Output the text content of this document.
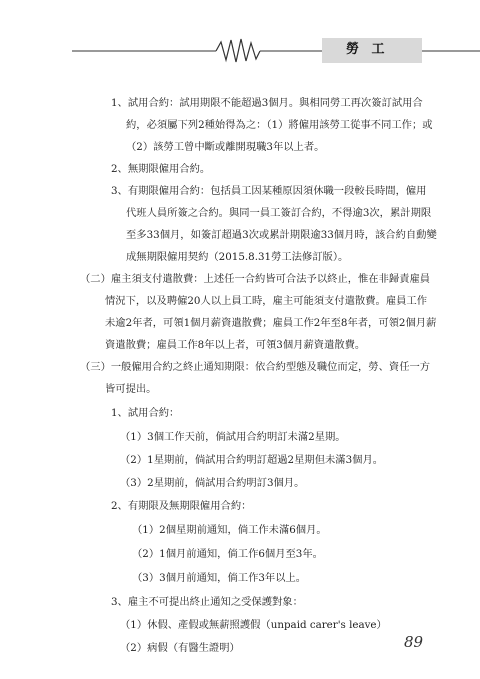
勞 工
1、試用合約：試用期限不能超過3個月。與相同勞工再次簽訂試用合
約，必須屬下列2種始得為之：（1）將僱用該勞工從事不同工作；或
（2）該勞工曾中斷或離開現職3年以上者。
2、無期限僱用合約。
3、有期限僱用合約：包括員工因某種原因須休職一段較長時間，僱用
代班人員所簽之合約。與同一員工簽訂合約，不得逾3次，累計期限
至多33個月，如簽訂超過3次或累計期限逾33個月時，該合約自動變
成無期限僱用契約（2015.8.31勞工法修訂版）。
（二）雇主須支付遣散費：上述任一合約皆可合法予以終止，惟在非歸責雇員
情況下，以及聘僱20人以上員工時，雇主可能須支付遣散費。雇員工作
未逾2年者，可領1個月薪資遣散費；雇員工作2年至8年者，可領2個月薪
資遣散費；雇員工作8年以上者，可領3個月薪資遣散費。
（三）一般僱用合約之終止通知期限：依合約型態及職位而定，勞、資任一方
皆可提出。
1、試用合約：
（1）3個工作天前，倘試用合約明訂未滿2星期。
（2）1星期前，倘試用合約明訂超過2星期但未滿3個月。
（3）2星期前，倘試用合約明訂3個月。
2、有期限及無期限僱用合約：
（1）2個星期前通知，倘工作未滿6個月。
（2）1個月前通知，倘工作6個月至3年。
（3）3個月前通知，倘工作3年以上。
3、雇主不可提出終止通知之受保護對象：
（1）休假、產假或無薪照護假（unpaid carer's leave）
（2）病假（有醫生證明）	89
